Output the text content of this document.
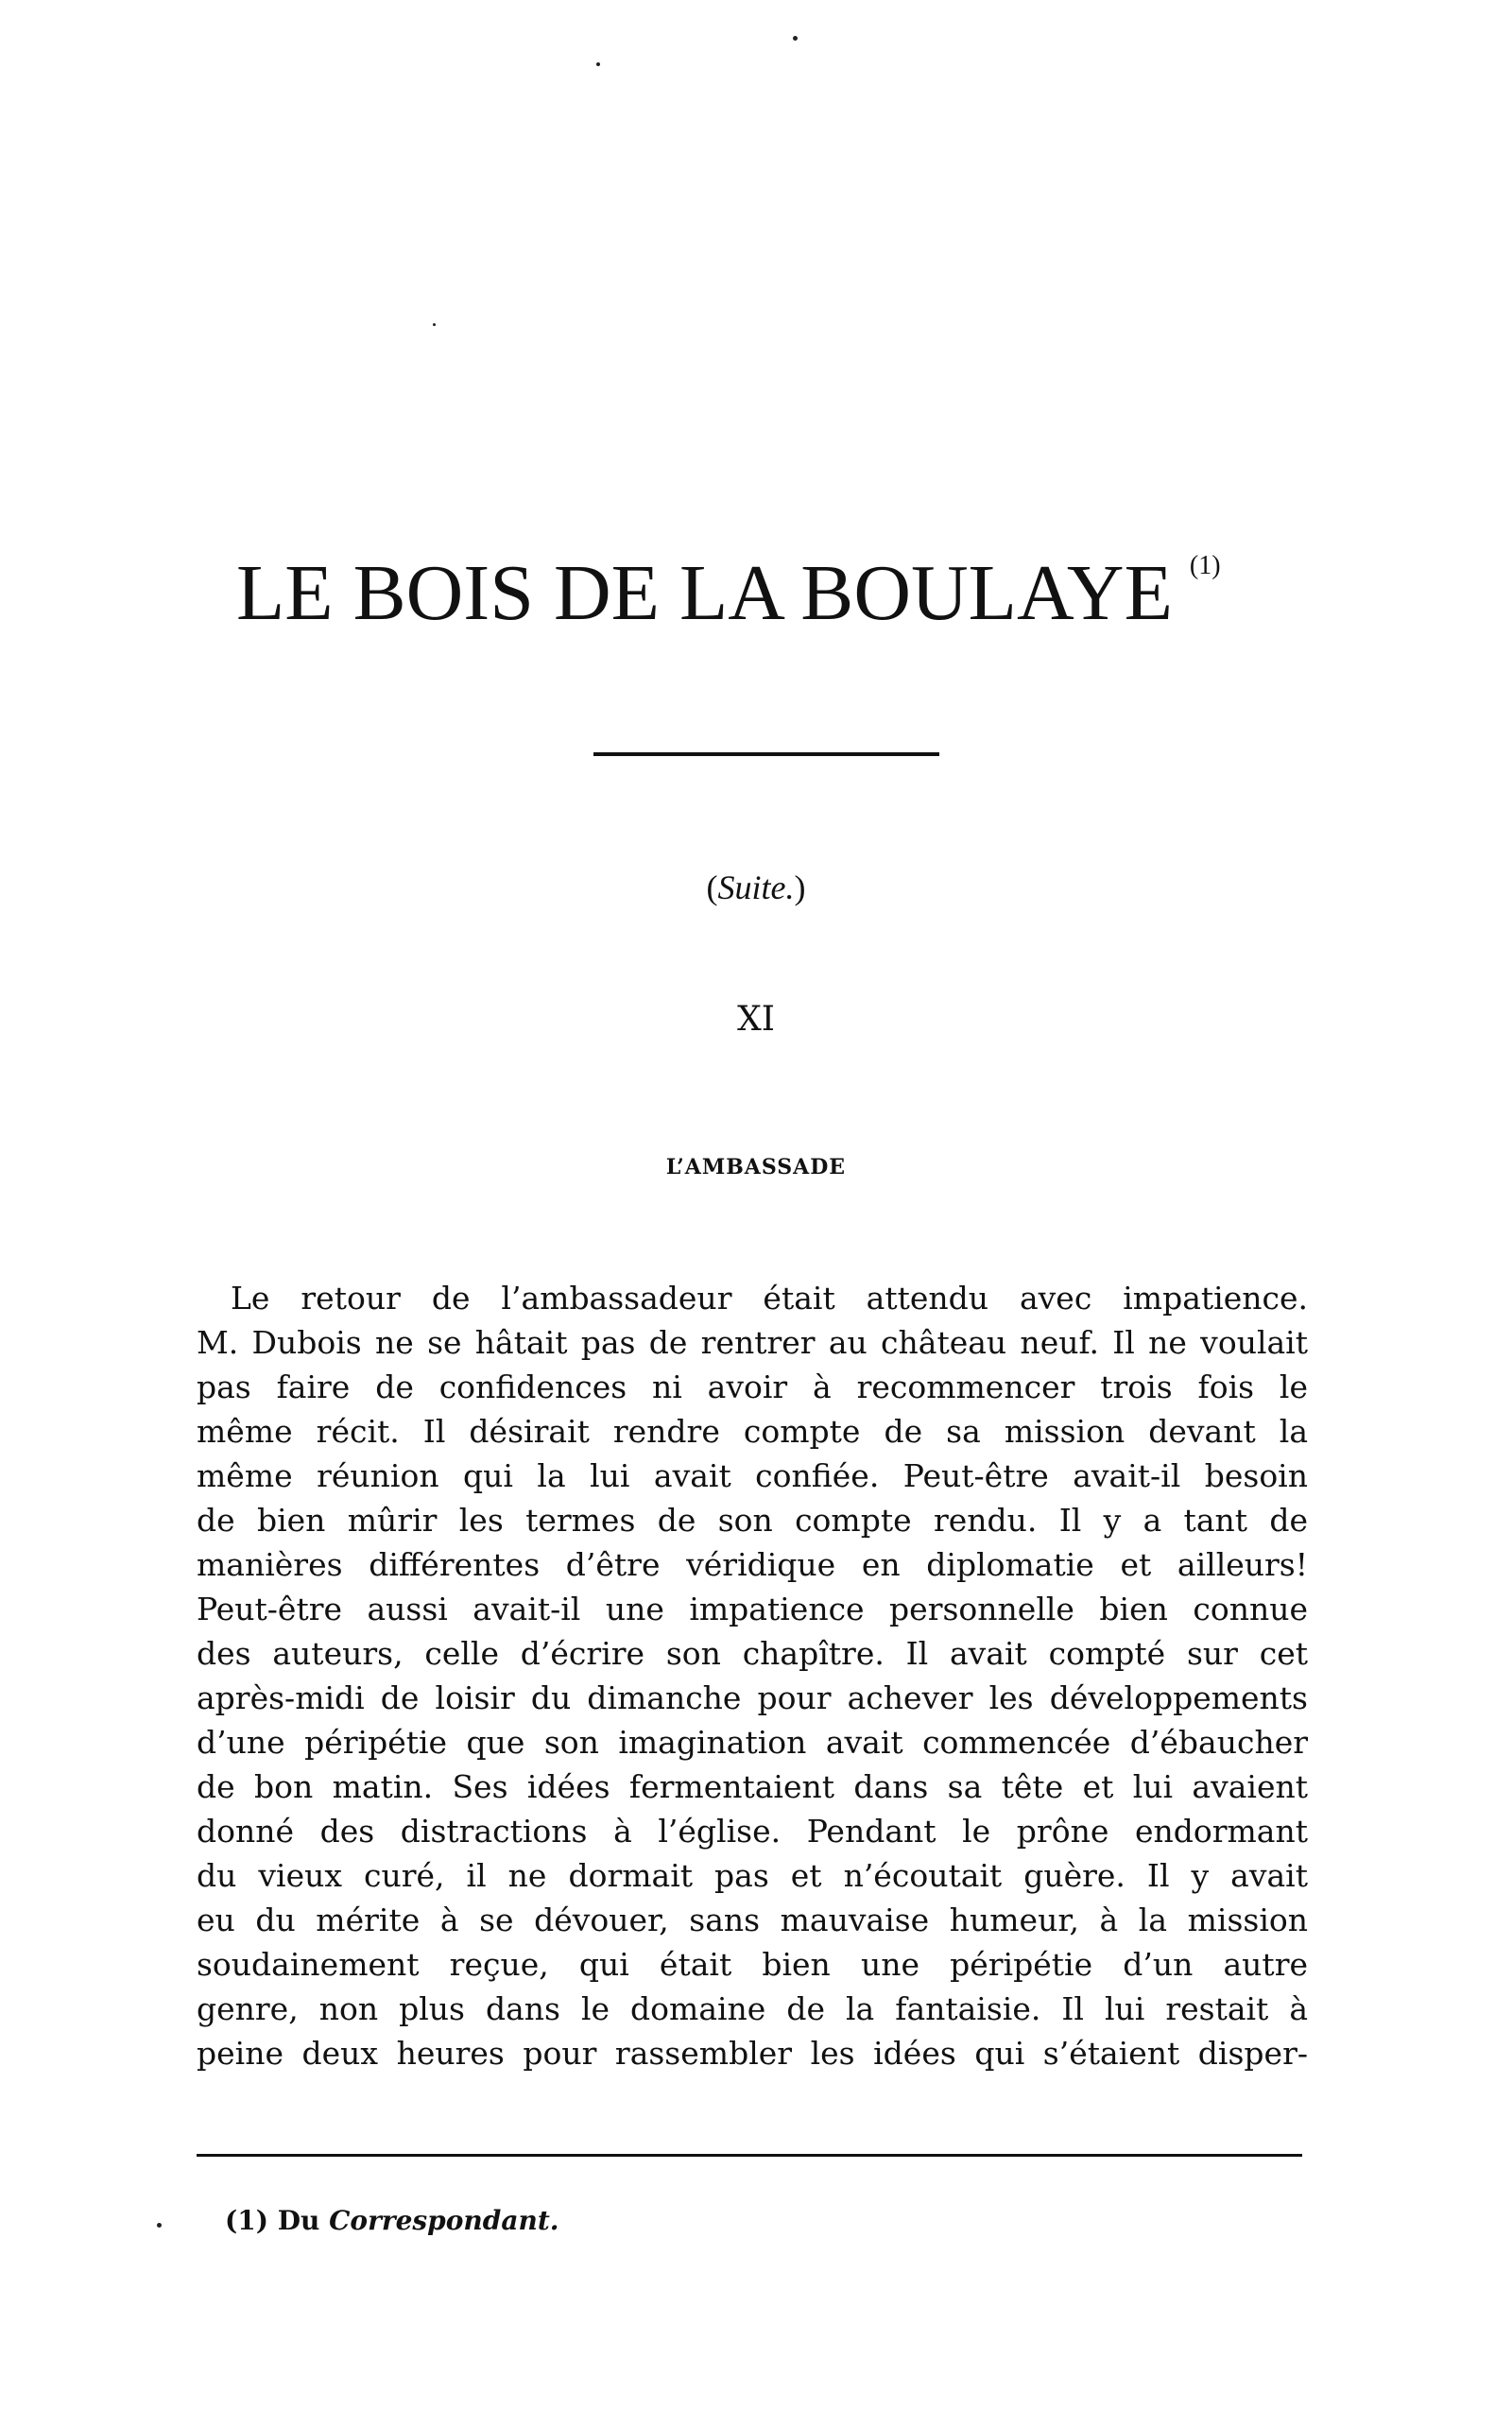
LE BOIS DE LA BOULAYE $^{(1)}$
(Suite.)
XI
L’AMBASSADE
Le retour de l’ambassadeur était attendu avec impatience.
M. Dubois ne se hâtait pas de rentrer au château neuf. Il ne voulait
pas faire de confidences ni avoir à recommencer trois fois le
même récit. Il désirait rendre compte de sa mission devant la
même réunion qui la lui avait confiée. Peut-être avait-il besoin
de bien mûrir les termes de son compte rendu. Il y a tant de
manières différentes d’être véridique en diplomatie et ailleurs!
Peut-être aussi avait-il une impatience personnelle bien connue
des auteurs, celle d’écrire son chapître. Il avait compté sur cet
après-midi de loisir du dimanche pour achever les développements
d’une péripétie que son imagination avait commencée d’ébaucher
de bon matin. Ses idées fermentaient dans sa tête et lui avaient
donné des distractions à l’église. Pendant le prône endormant
du vieux curé, il ne dormait pas et n’écoutait guère. Il y avait
eu du mérite à se dévouer, sans mauvaise humeur, à la mission
soudainement reçue, qui était bien une péripétie d’un autre
genre, non plus dans le domaine de la fantaisie. Il lui restait à
peine deux heures pour rassembler les idées qui s’étaient disper-
(1) Du Correspondant.
